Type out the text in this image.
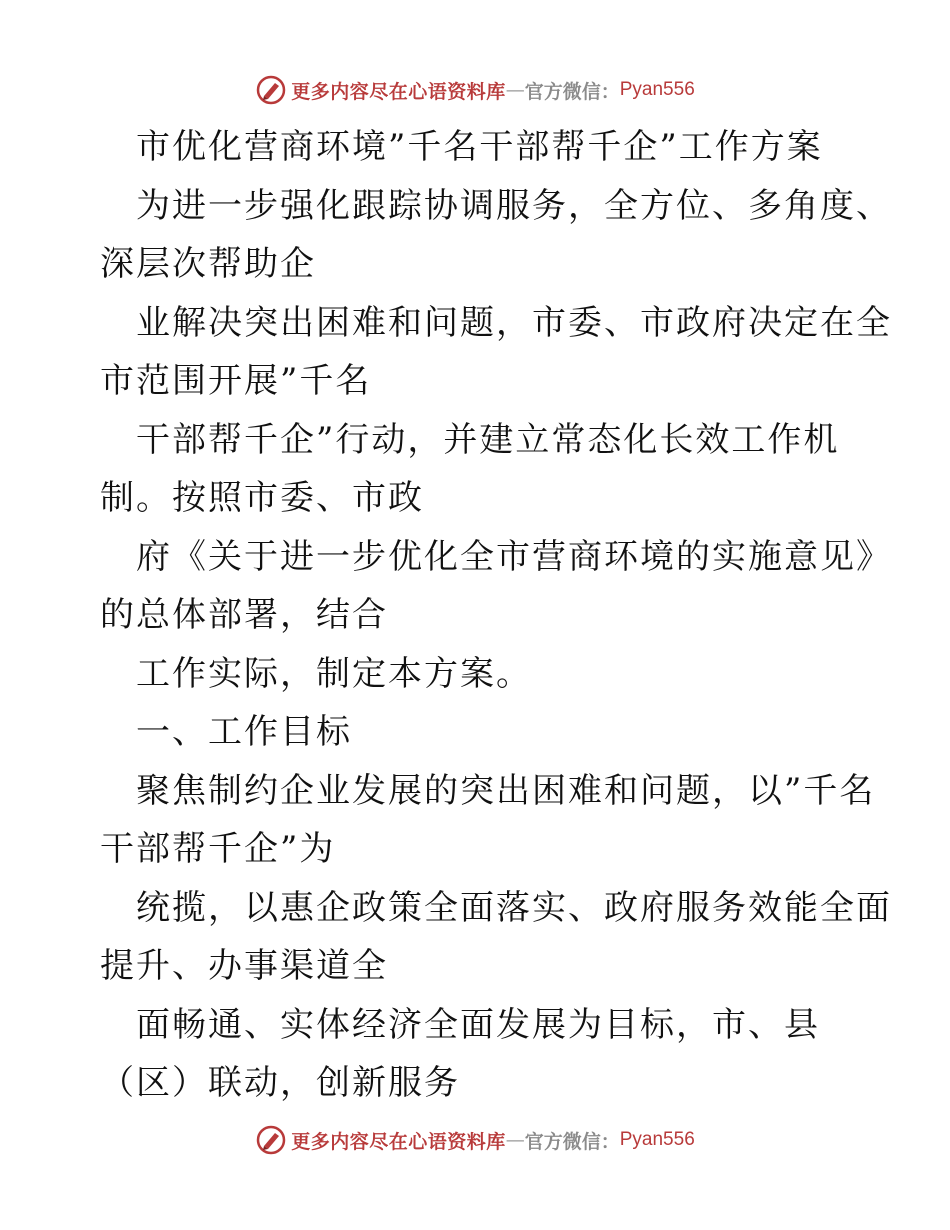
更多内容尽在心语资料库 — 官方微信： Pyan556
市优化营商环境”千名干部帮千企”工作方案
为进一步强化跟踪协调服务，全方位、多角度、
深层次帮助企
业解决突出困难和问题，市委、市政府决定在全
市范围开展”千名
干部帮千企”行动，并建立常态化长效工作机
制。按照市委、市政
府《关于进一步优化全市营商环境的实施意见》
的总体部署，结合
工作实际，制定本方案。
一、工作目标
聚焦制约企业发展的突出困难和问题，以”千名
干部帮千企”为
统揽，以惠企政策全面落实、政府服务效能全面
提升、办事渠道全
面畅通、实体经济全面发展为目标，市、县
（区）联动，创新服务
更多内容尽在心语资料库 — 官方微信： Pyan556
